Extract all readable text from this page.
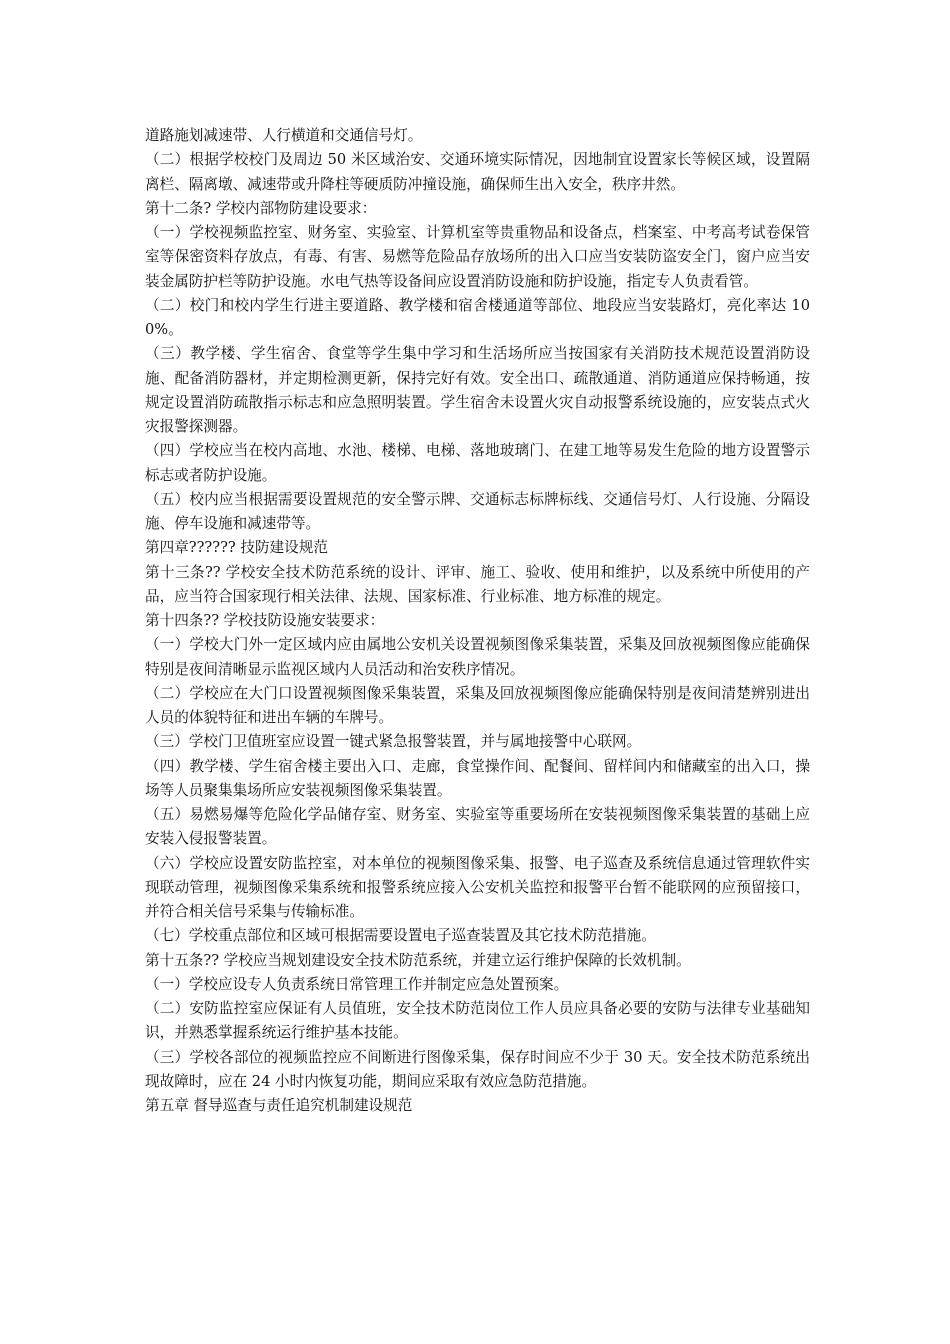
道路施划减速带、人行横道和交通信号灯。

（二）根据学校校门及周边 50 米区域治安、交通环境实际情况，因地制宜设置家长等候区域，设置隔离栏、隔离墩、减速带或升降柱等硬质防冲撞设施，确保师生出入安全，秩序井然。

第十二条? 学校内部物防建设要求：

（一）学校视频监控室、财务室、实验室、计算机室等贵重物品和设备点，档案室、中考高考试卷保管室等保密资料存放点，有毒、有害、易燃等危险品存放场所的出入口应当安装防盗安全门，窗户应当安装金属防护栏等防护设施。水电气热等设备间应设置消防设施和防护设施，指定专人负责看管。

（二）校门和校内学生行进主要道路、教学楼和宿舍楼通道等部位、地段应当安装路灯，亮化率达 100%。

（三）教学楼、学生宿舍、食堂等学生集中学习和生活场所应当按国家有关消防技术规范设置消防设施、配备消防器材，并定期检测更新，保持完好有效。安全出口、疏散通道、消防通道应保持畅通，按规定设置消防疏散指示标志和应急照明装置。学生宿舍未设置火灾自动报警系统设施的，应安装点式火灾报警探测器。

（四）学校应当在校内高地、水池、楼梯、电梯、落地玻璃门、在建工地等易发生危险的地方设置警示标志或者防护设施。

（五）校内应当根据需要设置规范的安全警示牌、交通标志标牌标线、交通信号灯、人行设施、分隔设施、停车设施和减速带等。

第四章?????? 技防建设规范

第十三条?? 学校安全技术防范系统的设计、评审、施工、验收、使用和维护，以及系统中所使用的产品，应当符合国家现行相关法律、法规、国家标准、行业标准、地方标准的规定。

第十四条?? 学校技防设施安装要求：

（一）学校大门外一定区域内应由属地公安机关设置视频图像采集装置，采集及回放视频图像应能确保特别是夜间清晰显示监视区域内人员活动和治安秩序情况。

（二）学校应在大门口设置视频图像采集装置，采集及回放视频图像应能确保特别是夜间清楚辨别进出人员的体貌特征和进出车辆的车牌号。

（三）学校门卫值班室应设置一键式紧急报警装置，并与属地接警中心联网。

（四）教学楼、学生宿舍楼主要出入口、走廊，食堂操作间、配餐间、留样间内和储藏室的出入口，操场等人员聚集集场所应安装视频图像采集装置。

（五）易燃易爆等危险化学品储存室、财务室、实验室等重要场所在安装视频图像采集装置的基础上应安装入侵报警装置。

（六）学校应设置安防监控室，对本单位的视频图像采集、报警、电子巡查及系统信息通过管理软件实现联动管理，视频图像采集系统和报警系统应接入公安机关监控和报警平台暂不能联网的应预留接口，并符合相关信号采集与传输标准。

（七）学校重点部位和区域可根据需要设置电子巡查装置及其它技术防范措施。

第十五条?? 学校应当规划建设安全技术防范系统，并建立运行维护保障的长效机制。

（一）学校应设专人负责系统日常管理工作并制定应急处置预案。

（二）安防监控室应保证有人员值班，安全技术防范岗位工作人员应具备必要的安防与法律专业基础知识，并熟悉掌握系统运行维护基本技能。

（三）学校各部位的视频监控应不间断进行图像采集，保存时间应不少于 30 天。安全技术防范系统出现故障时，应在 24 小时内恢复功能，期间应采取有效应急防范措施。

第五章 督导巡查与责任追究机制建设规范
